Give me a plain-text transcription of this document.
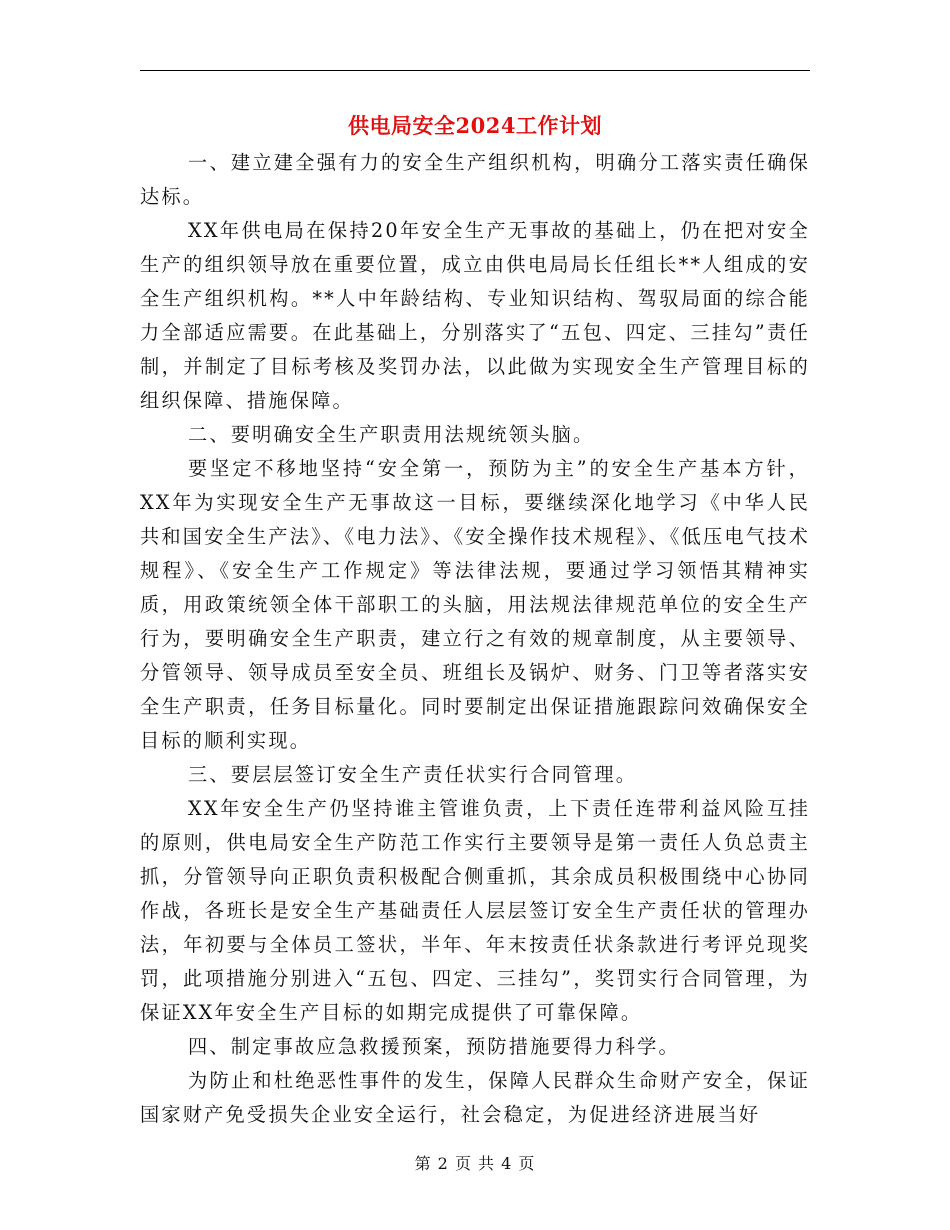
供电局安全2024工作计划

一、建立建全强有力的安全生产组织机构，明确分工落实责任确保达标。

XX年供电局在保持20年安全生产无事故的基础上，仍在把对安全生产的组织领导放在重要位置，成立由供电局局长任组长**人组成的安全生产组织机构。**人中年龄结构、专业知识结构、驾驭局面的综合能力全部适应需要。在此基础上，分别落实了“五包、四定、三挂勾”责任制，并制定了目标考核及奖罚办法，以此做为实现安全生产管理目标的组织保障、措施保障。

二、要明确安全生产职责用法规统领头脑。

要坚定不移地坚持“安全第一，预防为主”的安全生产基本方针，XX年为实现安全生产无事故这一目标，要继续深化地学习《中华人民共和国安全生产法》、《电力法》、《安全操作技术规程》、《低压电气技术规程》、《安全生产工作规定》等法律法规，要通过学习领悟其精神实质，用政策统领全体干部职工的头脑，用法规法律规范单位的安全生产行为，要明确安全生产职责，建立行之有效的规章制度，从主要领导、分管领导、领导成员至安全员、班组长及锅炉、财务、门卫等者落实安全生产职责，任务目标量化。同时要制定出保证措施跟踪问效确保安全目标的顺利实现。

三、要层层签订安全生产责任状实行合同管理。

XX年安全生产仍坚持谁主管谁负责，上下责任连带利益风险互挂的原则，供电局安全生产防范工作实行主要领导是第一责任人负总责主抓，分管领导向正职负责积极配合侧重抓，其余成员积极围绕中心协同作战，各班长是安全生产基础责任人层层签订安全生产责任状的管理办法，年初要与全体员工签状，半年、年末按责任状条款进行考评兑现奖罚，此项措施分别进入“五包、四定、三挂勾”，奖罚实行合同管理，为保证XX年安全生产目标的如期完成提供了可靠保障。

四、制定事故应急救援预案，预防措施要得力科学。

为防止和杜绝恶性事件的发生，保障人民群众生命财产安全，保证国家财产免受损失企业安全运行，社会稳定，为促进经济进展当好

第 2 页 共 4 页
